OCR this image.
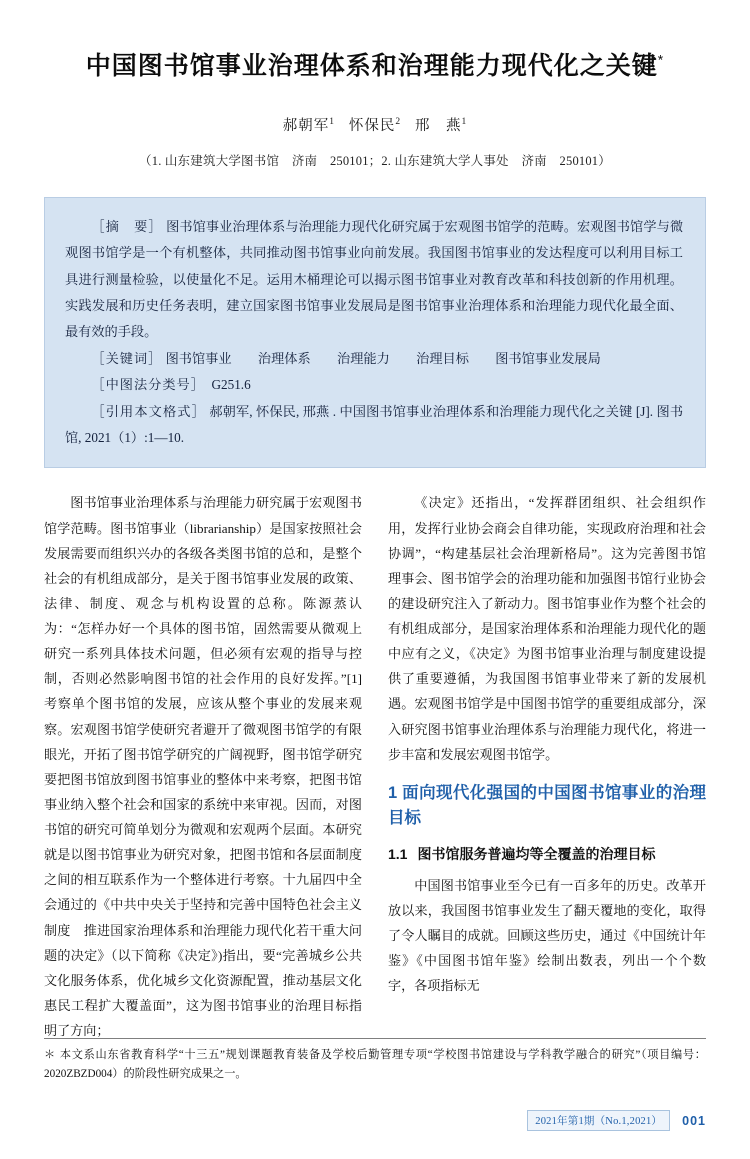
中国图书馆事业治理体系和治理能力现代化之关键*
郝朝军$^1$ 怀保民$^2$ 邢　燕$^1$
（1. 山东建筑大学图书馆　济南　250101；2. 山东建筑大学人事处　济南　250101）

［摘　要］ 图书馆事业治理体系与治理能力现代化研究属于宏观图书馆学的范畴。宏观图书馆学与微观图书馆学是一个有机整体，共同推动图书馆事业向前发展。我国图书馆事业的发达程度可以利用目标工具进行测量检验，以使量化不足。运用木桶理论可以揭示图书馆事业对教育改革和科技创新的作用机理。实践发展和历史任务表明，建立国家图书馆事业发展局是图书馆事业治理体系和治理能力现代化最全面、最有效的手段。

［关键词］ 图书馆事业　　治理体系　　治理能力　　治理目标　　图书馆事业发展局

［中图法分类号］ G251.6

［引用本文格式］ 郝朝军, 怀保民, 邢燕 . 中国图书馆事业治理体系和治理能力现代化之关键 [J]. 图书馆, 2021（1）:1—10.

图书馆事业治理体系与治理能力研究属于宏观图书馆学范畴。图书馆事业（librarianship）是国家按照社会发展需要而组织兴办的各级各类图书馆的总和，是整个社会的有机组成部分，是关于图书馆事业发展的政策、法律、制度、观念与机构设置的总称。陈源蒸认为：“怎样办好一个具体的图书馆，固然需要从微观上研究一系列具体技术问题，但必须有宏观的指导与控制，否则必然影响图书馆的社会作用的良好发挥。”[1] 考察单个图书馆的发展，应该从整个事业的发展来观察。宏观图书馆学使研究者避开了微观图书馆学的有限眼光，开拓了图书馆学研究的广阔视野，图书馆学研究要把图书馆放到图书馆事业的整体中来考察，把图书馆事业纳入整个社会和国家的系统中来审视。因而，对图书馆的研究可简单划分为微观和宏观两个层面。本研究就是以图书馆事业为研究对象，把图书馆和各层面制度之间的相互联系作为一个整体进行考察。十九届四中全会通过的《中共中央关于坚持和完善中国特色社会主义制度　推进国家治理体系和治理能力现代化若干重大问题的决定》（以下简称《决定》)指出，要“完善城乡公共文化服务体系，优化城乡文化资源配置，推动基层文化惠民工程扩大覆盖面”，这为图书馆事业的治理目标指明了方向；

《决定》还指出，“发挥群团组织、社会组织作用，发挥行业协会商会自律功能，实现政府治理和社会协调”，“构建基层社会治理新格局”。这为完善图书馆理事会、图书馆学会的治理功能和加强图书馆行业协会的建设研究注入了新动力。图书馆事业作为整个社会的有机组成部分，是国家治理体系和治理能力现代化的题中应有之义，《决定》为图书馆事业治理与制度建设提供了重要遵循，为我国图书馆事业带来了新的发展机遇。宏观图书馆学是中国图书馆学的重要组成部分，深入研究图书馆事业治理体系与治理能力现代化，将进一步丰富和发展宏观图书馆学。

1 面向现代化强国的中国图书馆事业的治理目标
1.1 图书馆服务普遍均等全覆盖的治理目标

中国图书馆事业至今已有一百多年的历史。改革开放以来，我国图书馆事业发生了翻天覆地的变化，取得了令人瞩目的成就。回顾这些历史，通过《中国统计年鉴》《中国图书馆年鉴》绘制出数表，列出一个个数字，各项指标无

＊ 本文系山东省教育科学“十三五”规划课题教育装备及学校后勤管理专项“学校图书馆建设与学科教学融合的研究”（项目编号：2020ZBZD004）的阶段性研究成果之一。
2021年第1期（No.1,2021）	001
